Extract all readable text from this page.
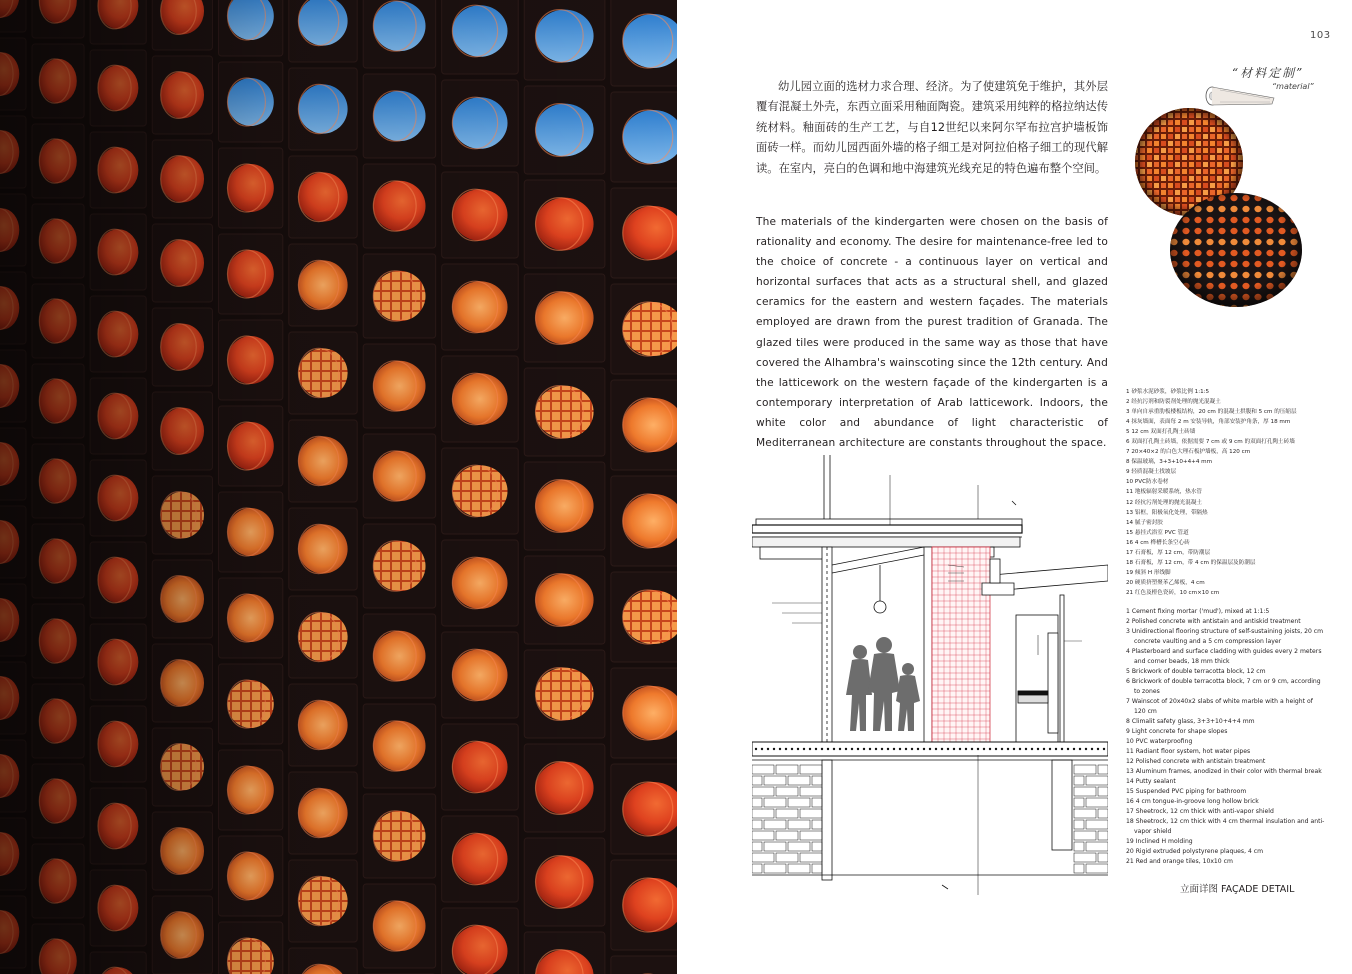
103

幼儿园立面的选材力求合理、经济。为了使建筑免于维护，其外层覆有混凝土外壳，东西立面采用釉面陶瓷。建筑采用纯粹的格拉纳达传统材料。釉面砖的生产工艺，与自12世纪以来阿尔罕布拉宫护墙板饰面砖一样。而幼儿园西面外墙的格子细工是对阿拉伯格子细工的现代解读。在室内，亮白的色调和地中海建筑光线充足的特色遍布整个空间。

The materials of the kindergarten were chosen on the basis of rationality and economy. The desire for maintenance-free led to the choice of concrete - a continuous layer on vertical and horizontal surfaces that acts as a structural shell, and glazed ceramics for the eastern and western façades. The materials employed are drawn from the purest tradition of Granada. The glazed tiles were produced in the same way as those that have covered the Alhambra's wainscoting since the 12th century. And the latticework on the western façade of the kindergarten is a contemporary interpretation of Arab latticework. Indoors, the white color and abundance of light characteristic of Mediterranean architecture are constants throughout the space.

“材料定制”
“material”
1 砂浆水泥砂浆，砂浆比例 1:1:5
2 经抗污剂和防裂剂处理的抛光混凝土
3 单向自承重肋板楼板结构，20 cm 的混凝土拱腹和 5 cm 的压缩层
4 抹灰墙面，表面每 2 m 安装导轨，角部安装护角条，厚 18 mm
5 12 cm 双面打孔陶土砖墙
6 双面打孔陶土砖墙，依据需要 7 cm 或 9 cm 的双面打孔陶土砖墙
7 20×40×2 的白色大理石板护墙板，高 120 cm
8 保温玻璃，3+3+10+4+4 mm
9 轻质混凝土找坡层
10 PVC防水卷材
11 地板辐射采暖系统，热水管
12 经抗污剂处理的抛光混凝土
13 铝框，阳极氧化处理，带隔热
14 腻子密封胶
15 悬挂式浴室 PVC 管道
16 4 cm 榫槽长条空心砖
17 石膏板，厚 12 cm，带防潮层
18 石膏板，厚 12 cm，带 4 cm 的保温层及防潮层
19 倾斜 H 形线脚
20 硬质挤塑聚苯乙烯板，4 cm
21 红色及橙色瓷砖，10 cm×10 cm
1 Cement fixing mortar ('mud'), mixed at 1:1:5
2 Polished concrete with antistain and antiskid treatment
3 Unidirectional flooring structure of self-sustaining joists, 20 cm concrete vaulting and a 5 cm compression layer
4 Plasterboard and surface cladding with guides every 2 meters and corner beads, 18 mm thick
5 Brickwork of double terracotta block, 12 cm
6 Brickwork of double terracotta block, 7 cm or 9 cm, according to zones
7 Wainscot of 20x40x2 slabs of white marble with a height of 120 cm
8 Climalit safety glass, 3+3+10+4+4 mm
9 Light concrete for shape slopes
10 PVC waterproofing
11 Radiant floor system, hot water pipes
12 Polished concrete with antistain treatment
13 Aluminum frames, anodized in their color with thermal break
14 Putty sealant
15 Suspended PVC piping for bathroom
16 4 cm tongue-in-groove long hollow brick
17 Sheetrock, 12 cm thick with anti-vapor shield
18 Sheetrock, 12 cm thick with 4 cm thermal insulation and anti-vapor shield
19 Inclined H molding
20 Rigid extruded polystyrene plaques, 4 cm
21 Red and orange tiles, 10x10 cm
立面详图 FAÇADE DETAIL
